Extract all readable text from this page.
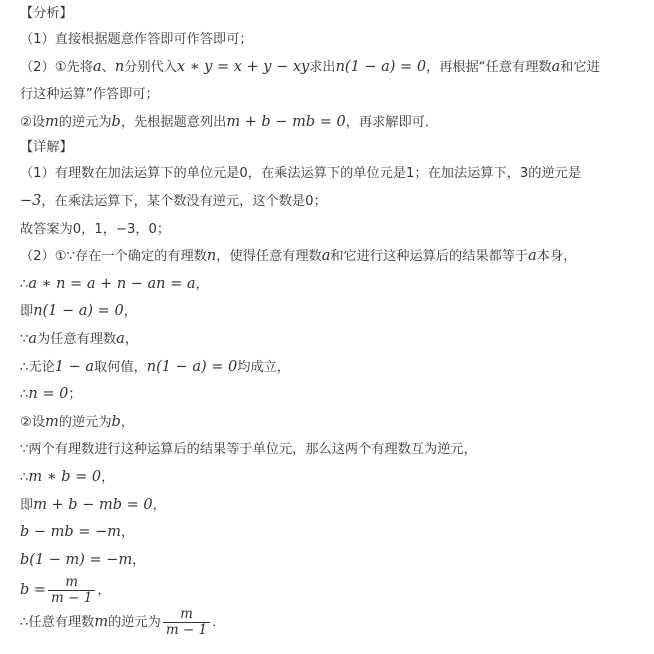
【分析】
（1）直接根据题意作答即可作答即可；
（2）①先将a、n分别代入x ∗ y = x + y − xy求出n(1 − a) = 0，再根据“任意有理数a和它进
行这种运算”作答即可；
②设m的逆元为b，先根据题意列出m + b − mb = 0，再求解即可．
【详解】
（1）有理数在加法运算下的单位元是0，在乘法运算下的单位元是1；在加法运算下，3的逆元是
−3，在乘法运算下，某个数没有逆元，这个数是0；
故答案为0，1，−3，0；
（2）①∵存在一个确定的有理数n，使得任意有理数a和它进行这种运算后的结果都等于a本身，
∴a ∗ n = a + n − an = a，
即n(1 − a) = 0，
∵a为任意有理数a，
∴无论1 − a取何值，n(1 − a) = 0均成立，
∴n = 0；
②设m的逆元为b，
∵两个有理数进行这种运算后的结果等于单位元，那么这两个有理数互为逆元，
∴m ∗ b = 0，
即m + b − mb = 0，
b − mb = −m，
b(1 − m) = −m，
$b = \frac{m}{m - 1}$ ，
∴任意有理数m的逆元为 $\frac{m}{m - 1}$ ．
